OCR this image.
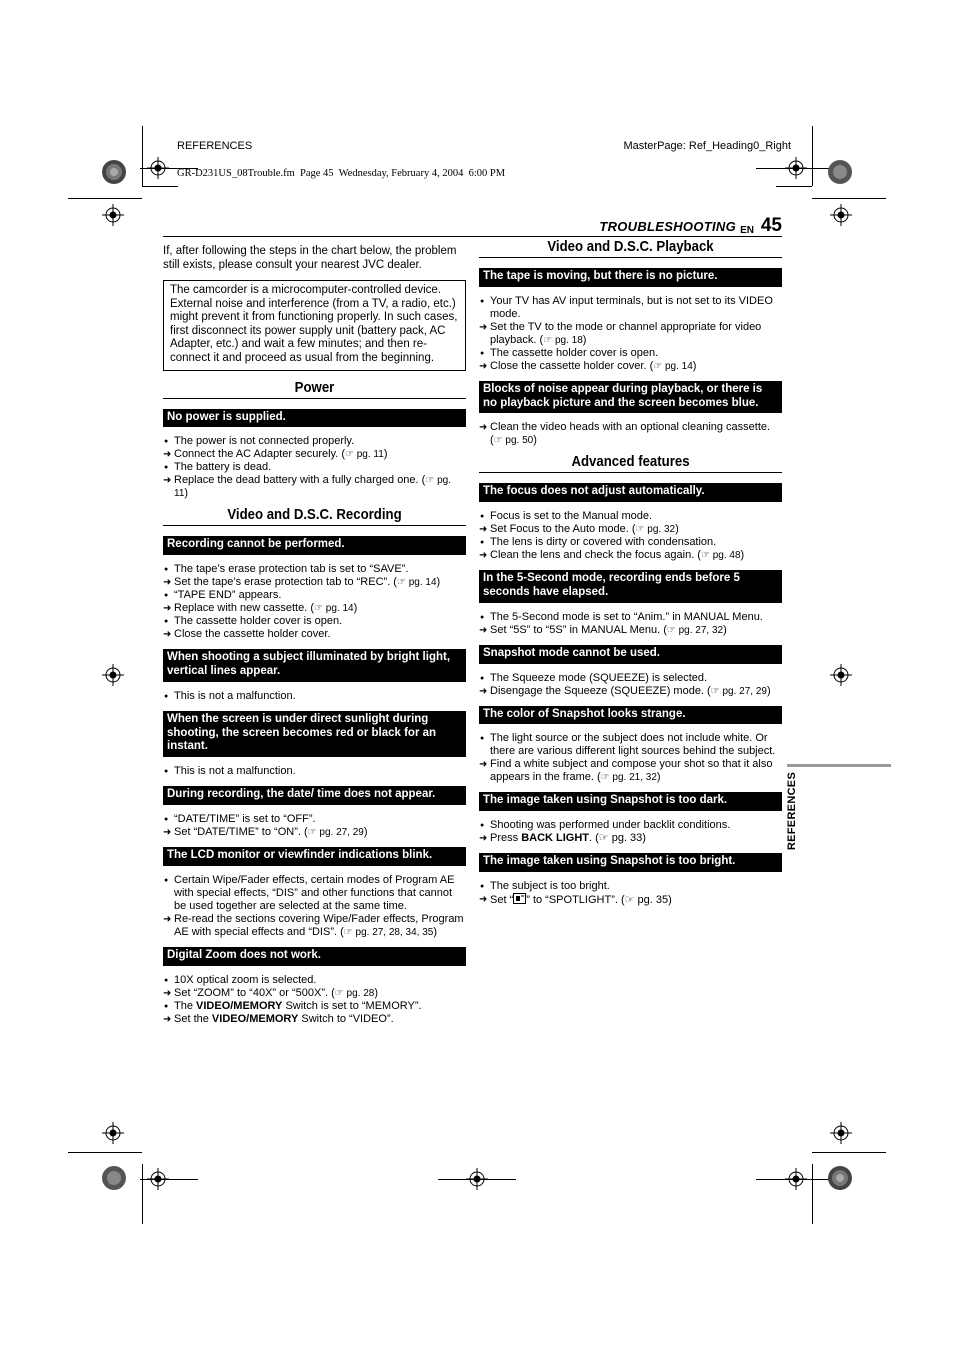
REFERENCES	MasterPage: Ref_Heading0_Right
GR-D231US_08Trouble.fm  Page 45  Wednesday, February 4, 2004  6:00 PM
TROUBLESHOOTING EN 45

If, after following the steps in the chart below, the problem still exists, please consult your nearest JVC dealer.

The camcorder is a microcomputer-controlled device. External noise and interference (from a TV, a radio, etc.) might prevent it from functioning properly. In such cases, first disconnect its power supply unit (battery pack, AC Adapter, etc.) and wait a few minutes; and then re-connect it and proceed as usual from the beginning.
Power
No power is supplied.
●
The power is not connected properly.
➜
Connect the AC Adapter securely. (☞ pg. 11)
●
The battery is dead.
➜
Replace the dead battery with a fully charged one. (☞ pg. 11)
Video and D.S.C. Recording
Recording cannot be performed.
●
The tape’s erase protection tab is set to “SAVE”.
➜
Set the tape’s erase protection tab to “REC”. (☞ pg. 14)
●
“TAPE END” appears.
➜
Replace with new cassette. (☞ pg. 14)
●
The cassette holder cover is open.
➜
Close the cassette holder cover.
When shooting a subject illuminated by bright light, vertical lines appear.
●
This is not a malfunction.
When the screen is under direct sunlight during shooting, the screen becomes red or black for an instant.
●
This is not a malfunction.
During recording, the date/ time does not appear.
●
“DATE/TIME” is set to “OFF”.
➜
Set “DATE/TIME” to “ON”. (☞ pg. 27, 29)
The LCD monitor or viewfinder indications blink.
●
Certain Wipe/Fader effects, certain modes of Program AE with special effects, “DIS” and other functions that cannot be used together are selected at the same time.
➜
Re-read the sections covering Wipe/Fader effects, Program AE with special effects and “DIS”. (☞ pg. 27, 28, 34, 35)
Digital Zoom does not work.
●
10X optical zoom is selected.
➜
Set “ZOOM” to “40X” or “500X”. (☞ pg. 28)
●
The VIDEO/MEMORY Switch is set to “MEMORY”.
➜
Set the VIDEO/MEMORY Switch to “VIDEO”.
Video and D.S.C. Playback
The tape is moving, but there is no picture.
●
Your TV has AV input terminals, but is not set to its VIDEO mode.
➜
Set the TV to the mode or channel appropriate for video playback. (☞ pg. 18)
●
The cassette holder cover is open.
➜
Close the cassette holder cover. (☞ pg. 14)
Blocks of noise appear during playback, or there is no playback picture and the screen becomes blue.
➜
Clean the video heads with an optional cleaning cassette. (☞ pg. 50)
Advanced features
The focus does not adjust automatically.
●
Focus is set to the Manual mode.
➜
Set Focus to the Auto mode. (☞ pg. 32)
●
The lens is dirty or covered with condensation.
➜
Clean the lens and check the focus again. (☞ pg. 48)
In the 5-Second mode, recording ends before 5 seconds have elapsed.
●
The 5-Second mode is set to “Anim.” in MANUAL Menu.
➜
Set “5S” to “5S” in MANUAL Menu. (☞ pg. 27, 32)
Snapshot mode cannot be used.
●
The Squeeze mode (SQUEEZE) is selected.
➜
Disengage the Squeeze (SQUEEZE) mode. (☞ pg. 27, 29)
The color of Snapshot looks strange.
●
The light source or the subject does not include white. Or there are various different light sources behind the subject.
➜
Find a white subject and compose your shot so that it also appears in the frame. (☞ pg. 21, 32)
The image taken using Snapshot is too dark.
●
Shooting was performed under backlit conditions.
➜
Press BACK LIGHT. (☞ pg. 33)
The image taken using Snapshot is too bright.
●
The subject is too bright.
➜
Set “ ” to “SPOTLIGHT”. (☞ pg. 35)
REFERENCES
